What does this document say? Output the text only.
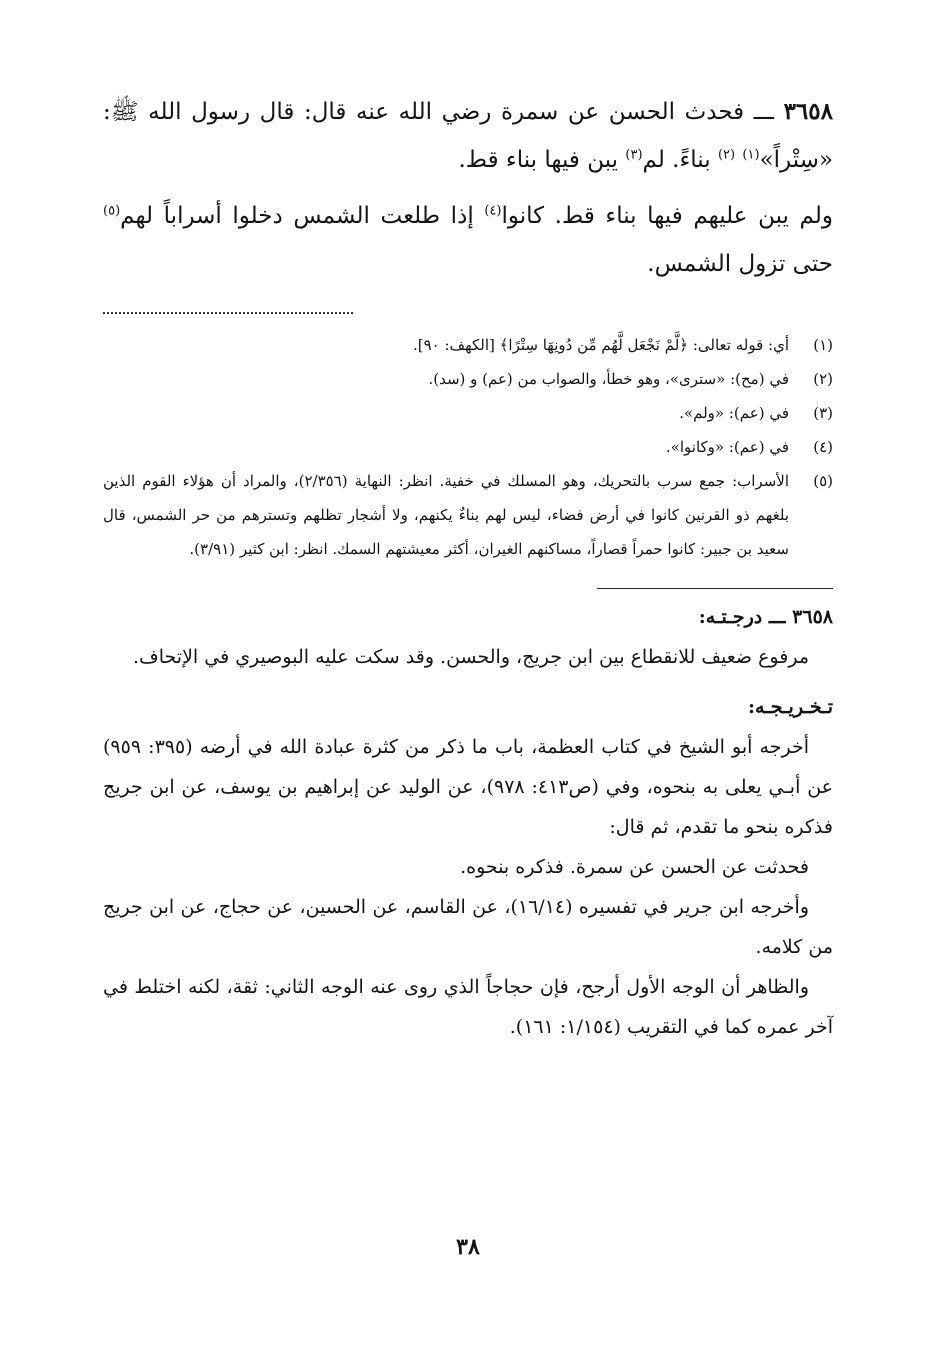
٣٦٥٨ ـــ فحدث الحسن عن سمرة رضي الله عنه قال: قال رسول الله ﷺ: «سِتْراً»$^{(١)}$ $^{(٢)}$ بناءً. لم$^{(٣)}$ يبن فيها بناء قط.

ولم يبن عليهم فيها بناء قط. كانوا$^{(٤)}$ إذا طلعت الشمس دخلوا أسراباً لهم$^{(٥)}$ حتى تزول الشمس.

(١)
أي: قوله تعالى: ﴿لَّمْ نَجْعَل لَّهُم مِّن دُونِهَا سِتْرًا﴾ [الكهف: ٩٠].
(٢)
في (مح): «سترى»، وهو خطأ، والصواب من (عم) و (سد).
(٣)
في (عم): «ولم».
(٤)
في (عم): «وكانوا».
(٥)
الأسراب: جمع سرب بالتحريك، وهو المسلك في خفية. انظر: النهاية (٢/٣٥٦)، والمراد أن هؤلاء القوم الذين بلغهم ذو القرنين كانوا في أرض فضاء، ليس لهم بناءٌ يكنهم، ولا أشجار تظلهم وتسترهم من حر الشمس، قال سعيد بن جبير: كانوا حمراً قصاراً، مساكنهم الغيران، أكثر معيشتهم السمك. انظر: ابن كثير (٣/٩١).
٣٦٥٨ ـــ درجـتـه:

مرفوع ضعيف للانقطاع بين ابن جريج، والحسن. وقد سكت عليه البوصيري في الإتحاف.

تـخـريـجـه:

أخرجه أبو الشيخ في كتاب العظمة، باب ما ذكر من كثرة عبادة الله في أرضه (٣٩٥: ٩٥٩) عن أبـي يعلى به بنحوه، وفي (ص٤١٣: ٩٧٨)، عن الوليد عن إبراهيم بن يوسف، عن ابن جريج فذكره بنحو ما تقدم، ثم قال:

فحدثت عن الحسن عن سمرة. فذكره بنحوه.

وأخرجه ابن جرير في تفسيره (١٦/١٤)، عن القاسم، عن الحسين، عن حجاج، عن ابن جريج من كلامه.

والظاهر أن الوجه الأول أرجح، فإن حجاجاً الذي روى عنه الوجه الثاني: ثقة، لكنه اختلط في آخر عمره كما في التقريب (١/١٥٤: ١٦١).

٣٨
